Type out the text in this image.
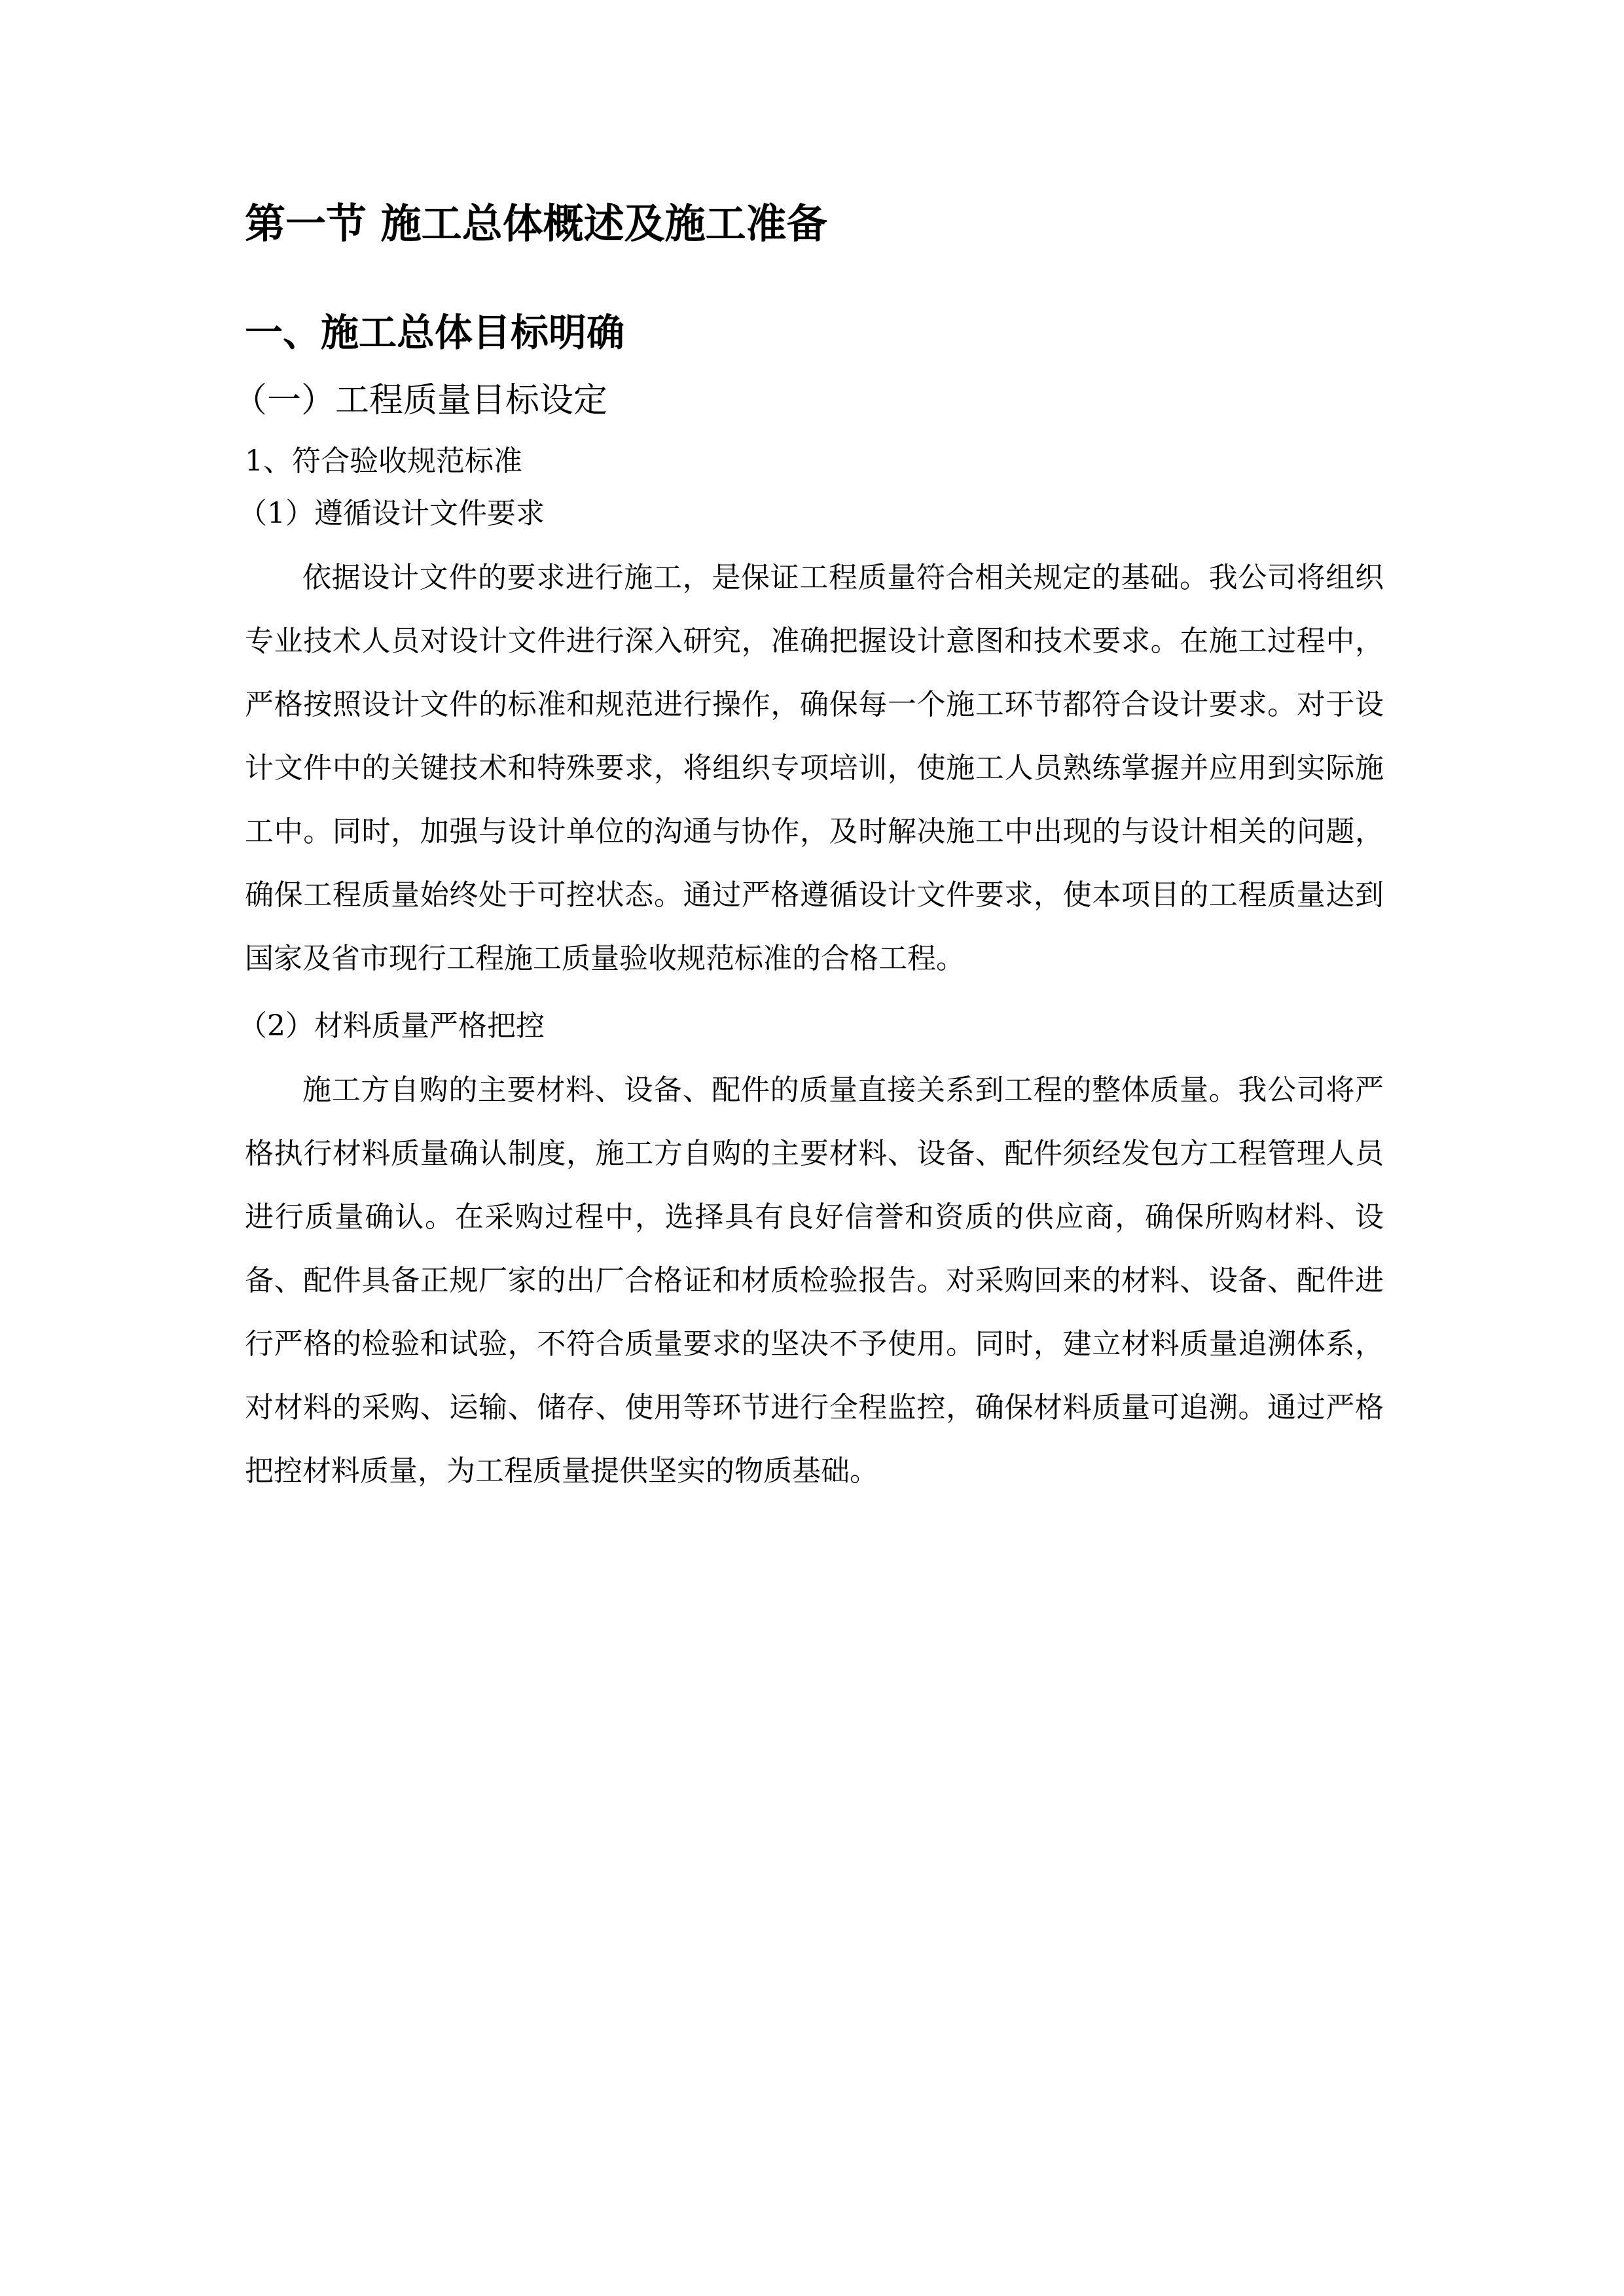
第一节 施工总体概述及施工准备
一、施工总体目标明确
（一）工程质量目标设定
1、符合验收规范标准
（1）遵循设计文件要求

依据设计文件的要求进行施工，是保证工程质量符合相关规定的基础。我公司将组织专业技术人员对设计文件进行深入研究，准确把握设计意图和技术要求。在施工过程中，严格按照设计文件的标准和规范进行操作，确保每一个施工环节都符合设计要求。对于设计文件中的关键技术和特殊要求，将组织专项培训，使施工人员熟练掌握并应用到实际施工中。同时，加强与设计单位的沟通与协作，及时解决施工中出现的与设计相关的问题，确保工程质量始终处于可控状态。通过严格遵循设计文件要求，使本项目的工程质量达到国家及省市现行工程施工质量验收规范标准的合格工程。

（2）材料质量严格把控

施工方自购的主要材料、设备、配件的质量直接关系到工程的整体质量。我公司将严格执行材料质量确认制度，施工方自购的主要材料、设备、配件须经发包方工程管理人员进行质量确认。在采购过程中，选择具有良好信誉和资质的供应商，确保所购材料、设备、配件具备正规厂家的出厂合格证和材质检验报告。对采购回来的材料、设备、配件进行严格的检验和试验，不符合质量要求的坚决不予使用。同时，建立材料质量追溯体系，对材料的采购、运输、储存、使用等环节进行全程监控，确保材料质量可追溯。通过严格把控材料质量，为工程质量提供坚实的物质基础。
